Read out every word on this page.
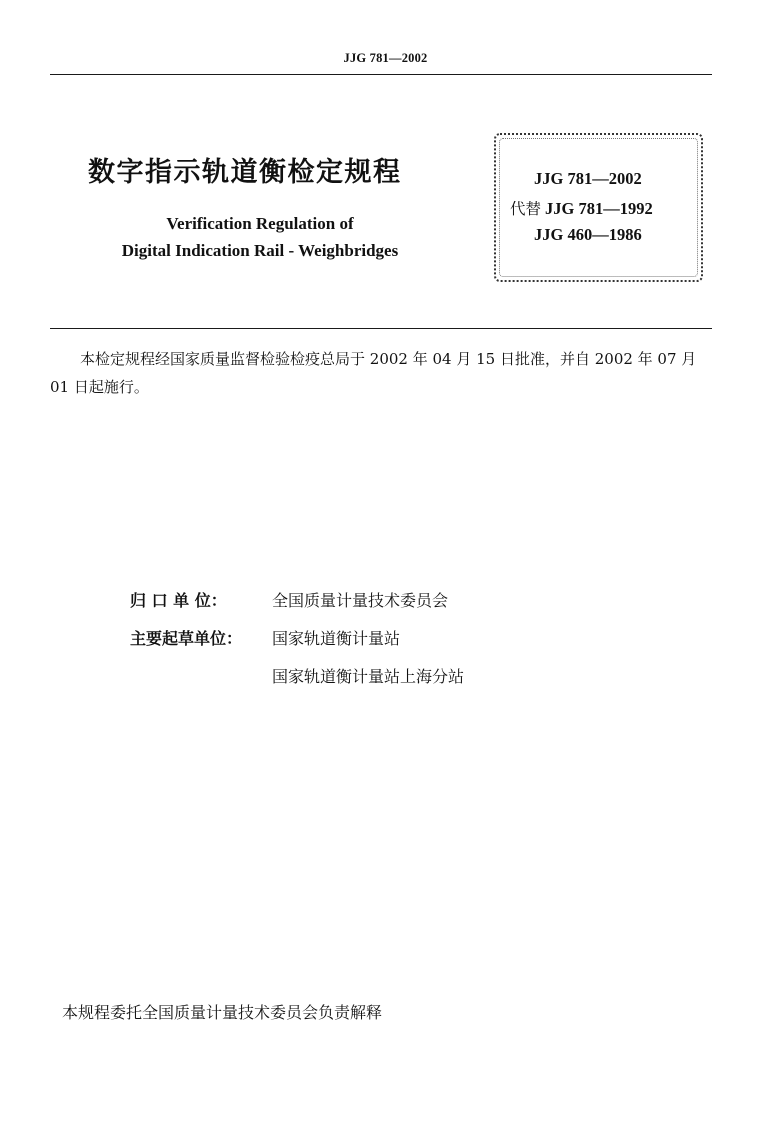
JJG 781—2002
数字指示轨道衡检定规程
Verification Regulation of
Digital Indication Rail - Weighbridges
JJG 781—2002
代替 JJG 781—1992
JJG 460—1986
本检定规程经国家质量监督检验检疫总局于 2002 年 04 月 15 日批准，并自 2002 年 07 月 01 日起施行。
归 口 单 位：	全国质量计量技术委员会
主要起草单位： 国家轨道衡计量站
国家轨道衡计量站上海分站
本规程委托全国质量计量技术委员会负责解释
